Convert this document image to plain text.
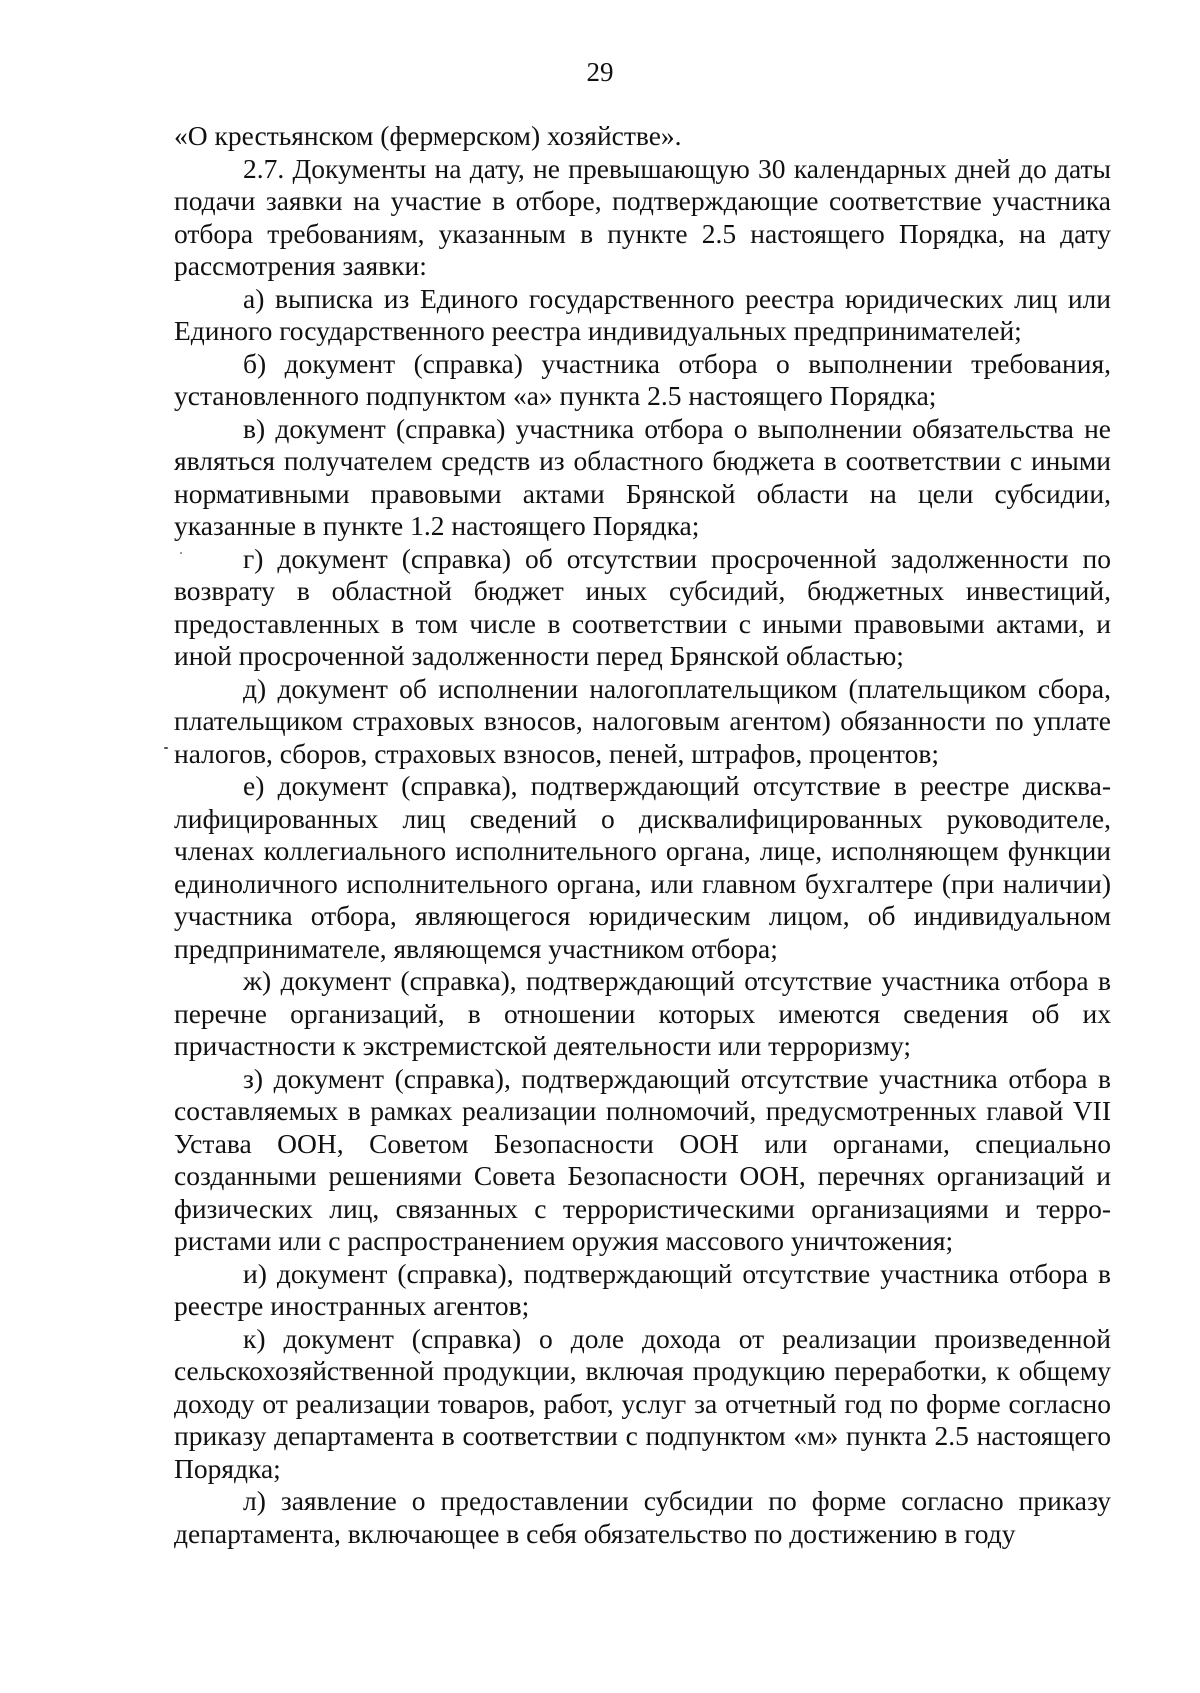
29

«О крестьянском (фермерском) хозяйстве».

2.7. Документы на дату, не превышающую 30 календарных дней до даты подачи заявки на участие в отборе, подтверждающие соответствие участника отбора требованиям, указанным в пункте 2.5 настоящего Порядка, на дату рассмотрения заявки:

а) выписка из Единого государственного реестра юридических лиц или Единого государственного реестра индивидуальных предпринимателей;

б) документ (справка) участника отбора о выполнении требования, установленного подпунктом «а» пункта 2.5 настоящего Порядка;

в) документ (справка) участника отбора о выполнении обязательства не являться получателем средств из областного бюджета в соответствии с иными нормативными правовыми актами Брянской области на цели субсидии, указанные в пункте 1.2 настоящего Порядка;

г) документ (справка) об отсутствии просроченной задолженности по возврату в областной бюджет иных субсидий, бюджетных инвестиций, предоставленных в том числе в соответствии с иными правовыми актами, и иной просроченной задолженности перед Брянской областью;

д) документ об исполнении налогоплательщиком (плательщиком сбора, плательщиком страховых взносов, налоговым агентом) обязанности по уплате налогов, сборов, страховых взносов, пеней, штрафов, процентов;

е) документ (справка), подтверждающий отсутствие в реестре дисквалифицированных лиц сведений о дисквалифицированных руководителе, членах коллегиального исполнительного органа, лице, исполняющем функции единоличного исполнительного органа, или главном бухгалтере (при наличии) участника отбора, являющегося юридическим лицом, об индивидуальном предпринимателе, являющемся участником отбора;

ж) документ (справка), подтверждающий отсутствие участника отбора в перечне организаций, в отношении которых имеются сведения об их причастности к экстремистской деятельности или терроризму;

з) документ (справка), подтверждающий отсутствие участника отбора в составляемых в рамках реализации полномочий, предусмотренных главой VII Устава ООН, Советом Безопасности ООН или органами, специально созданными решениями Совета Безопасности ООН, перечнях организаций и физических лиц, связанных с террористическими организациями и террористами или с распространением оружия массового уничтожения;

и) документ (справка), подтверждающий отсутствие участника отбора в реестре иностранных агентов;

к) документ (справка) о доле дохода от реализации произведенной сельскохозяйственной продукции, включая продукцию переработки, к общему доходу от реализации товаров, работ, услуг за отчетный год по форме согласно приказу департамента в соответствии с подпунктом «м» пункта 2.5 настоящего Порядка;

л) заявление о предоставлении субсидии по форме согласно приказу департамента, включающее в себя обязательство по достижению в году
